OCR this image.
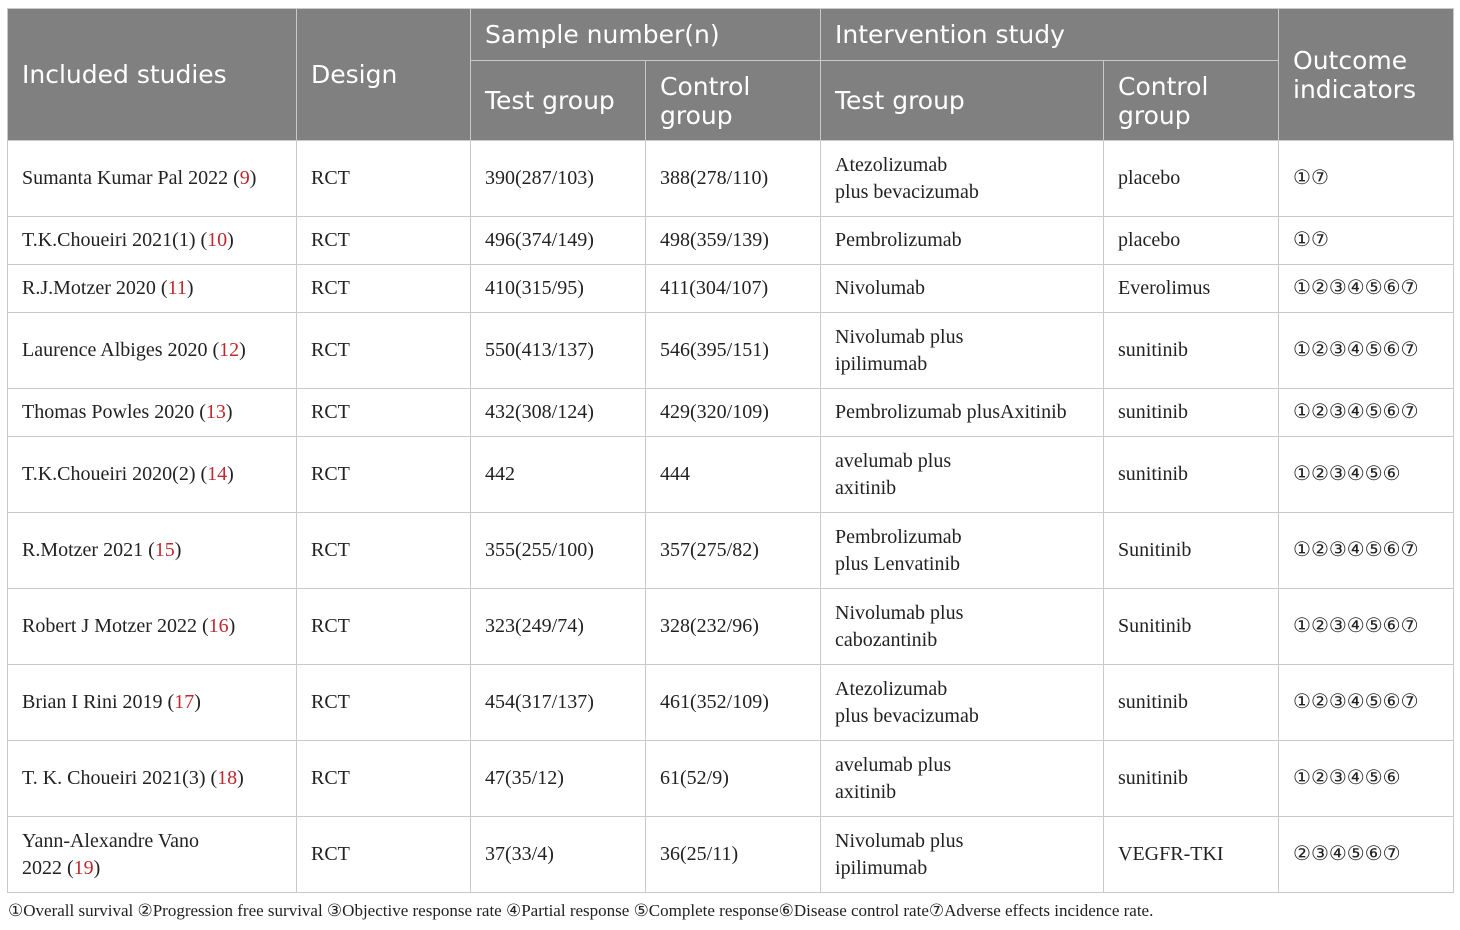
Included studies	Design	Sample number(n)		Intervention study		Outcome indicators
		Test group	Control group	Test group	Control group	
Sumanta Kumar Pal 2022 (9)	RCT	390(287/103)	388(278/110)	Atezolizumab plus bevacizumab	placebo	①⑦
T.K.Choueiri 2021(1) (10)	RCT	496(374/149)	498(359/139)	Pembrolizumab	placebo	①⑦
R.J.Motzer 2020 (11)	RCT	410(315/95)	411(304/107)	Nivolumab	Everolimus	①②③④⑤⑥⑦
Laurence Albiges 2020 (12)	RCT	550(413/137)	546(395/151)	Nivolumab plus ipilimumab	sunitinib	①②③④⑤⑥⑦
Thomas Powles 2020 (13)	RCT	432(308/124)	429(320/109)	Pembrolizumab plusAxitinib	sunitinib	①②③④⑤⑥⑦
T.K.Choueiri 2020(2) (14)	RCT	442	444	avelumab plus axitinib	sunitinib	①②③④⑤⑥
R.Motzer 2021 (15)	RCT	355(255/100)	357(275/82)	Pembrolizumab plus Lenvatinib	Sunitinib	①②③④⑤⑥⑦
Robert J Motzer 2022 (16)	RCT	323(249/74)	328(232/96)	Nivolumab plus cabozantinib	Sunitinib	①②③④⑤⑥⑦
Brian I Rini 2019 (17)	RCT	454(317/137)	461(352/109)	Atezolizumab plus bevacizumab	sunitinib	①②③④⑤⑥⑦
T. K. Choueiri 2021(3) (18)	RCT	47(35/12)	61(52/9)	avelumab plus axitinib	sunitinib	①②③④⑤⑥
Yann-Alexandre Vano 2022 (19)	RCT	37(33/4)	36(25/11)	Nivolumab plus ipilimumab	VEGFR-TKI	②③④⑤⑥⑦
①Overall survival ②Progression free survival ③Objective response rate ④Partial response ⑤Complete response⑥Disease control rate⑦Adverse effects incidence rate.
